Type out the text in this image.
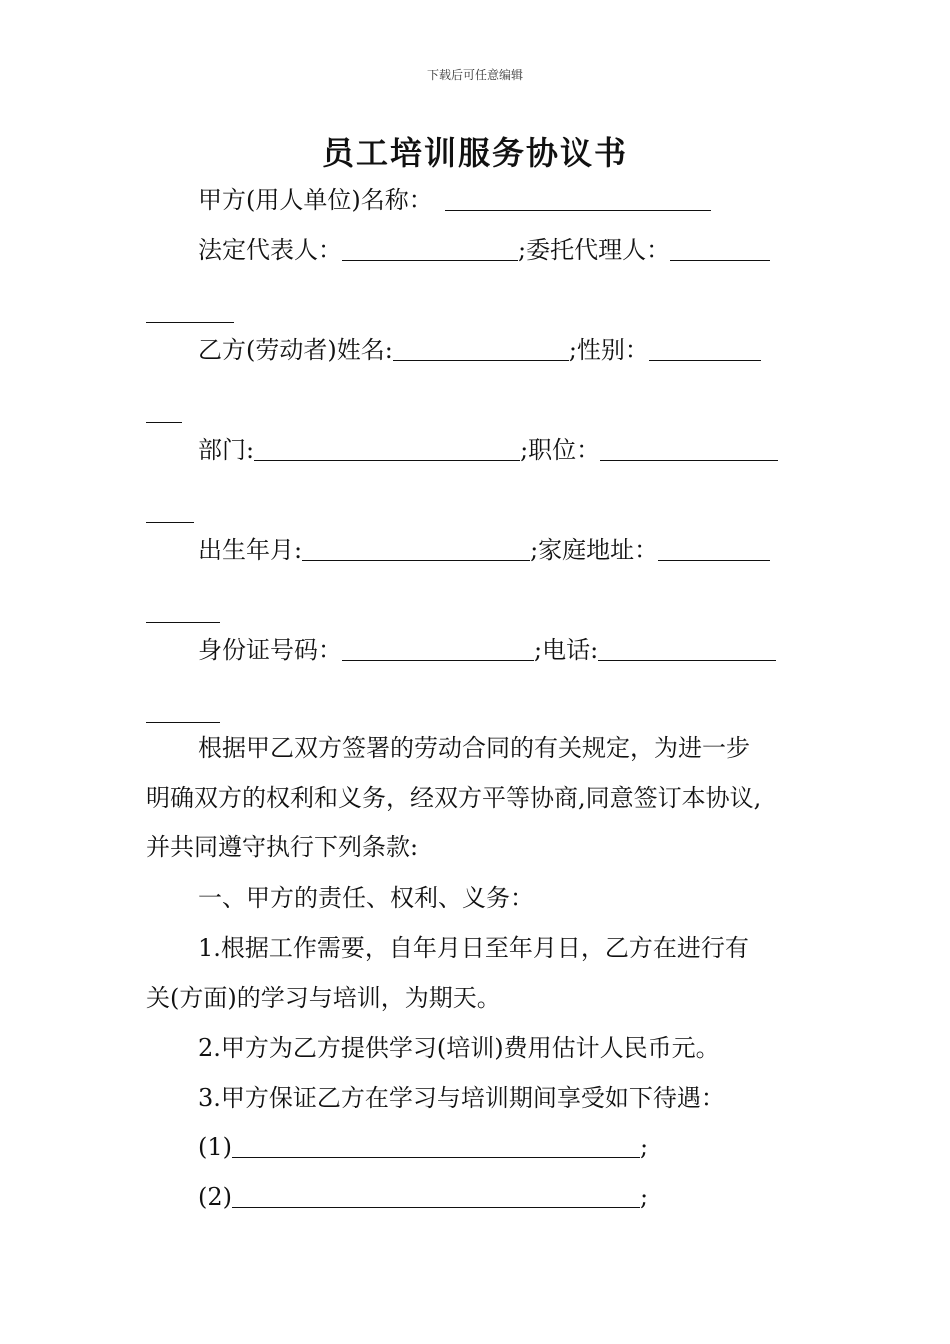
下载后可任意编辑
员工培训服务协议书
甲方(用人单位)名称：
法定代表人：	;委托代理人：
乙方(劳动者)姓名:	;性别：
部门:	;职位：
出生年月:	;家庭地址：
身份证号码：	;电话:
根据甲乙双方签署的劳动合同的有关规定，为进一步
明确双方的权利和义务，经双方平等协商,同意签订本协议,
并共同遵守执行下列条款:
一、甲方的责任、权利、义务：
1.根据工作需要，自年月日至年月日，乙方在进行有
关(方面)的学习与培训，为期天。
2.甲方为乙方提供学习(培训)费用估计人民币元。
3.甲方保证乙方在学习与培训期间享受如下待遇：
(1)	;
(2)	;
